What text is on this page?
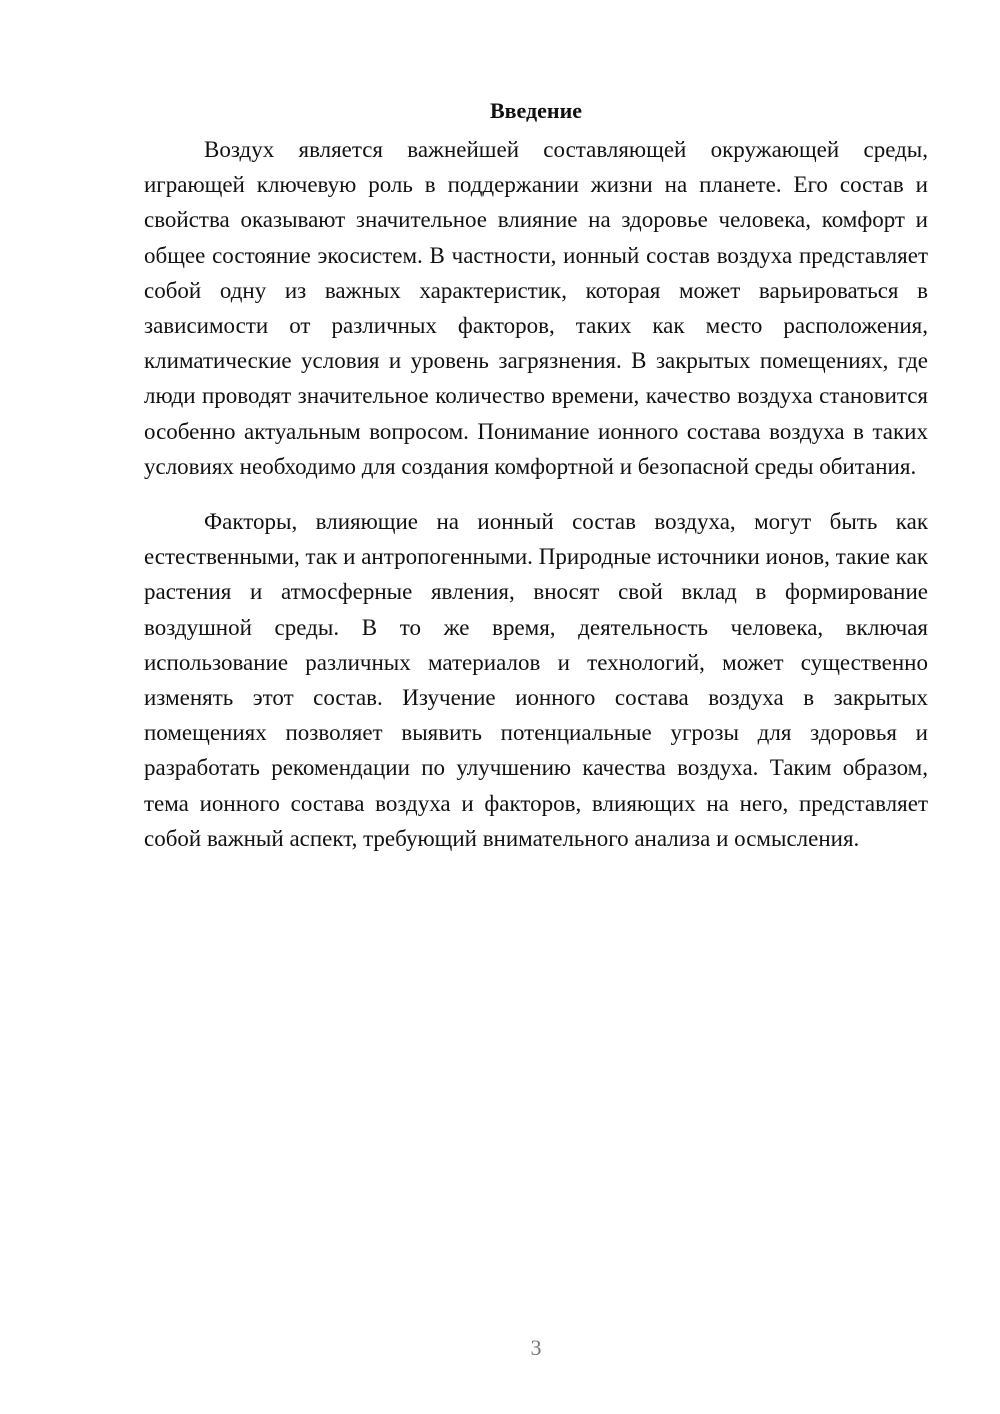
Введение

Воздух является важнейшей составляющей окружающей среды, играющей ключевую роль в поддержании жизни на планете. Его состав и свойства оказывают значительное влияние на здоровье человека, комфорт и общее состояние экосистем. В частности, ионный состав воздуха представляет собой одну из важных характеристик, которая может варьироваться в зависимости от различных факторов, таких как место расположения, климатические условия и уровень загрязнения. В закрытых помещениях, где люди проводят значительное количество времени, качество воздуха становится особенно актуальным вопросом. Понимание ионного состава воздуха в таких условиях необходимо для создания комфортной и безопасной среды обитания.

Факторы, влияющие на ионный состав воздуха, могут быть как естественными, так и антропогенными. Природные источники ионов, такие как растения и атмосферные явления, вносят свой вклад в формирование воздушной среды. В то же время, деятельность человека, включая использование различных материалов и технологий, может существенно изменять этот состав. Изучение ионного состава воздуха в закрытых помещениях позволяет выявить потенциальные угрозы для здоровья и разработать рекомендации по улучшению качества воздуха. Таким образом, тема ионного состава воздуха и факторов, влияющих на него, представляет собой важный аспект, требующий внимательного анализа и осмысления.

3
